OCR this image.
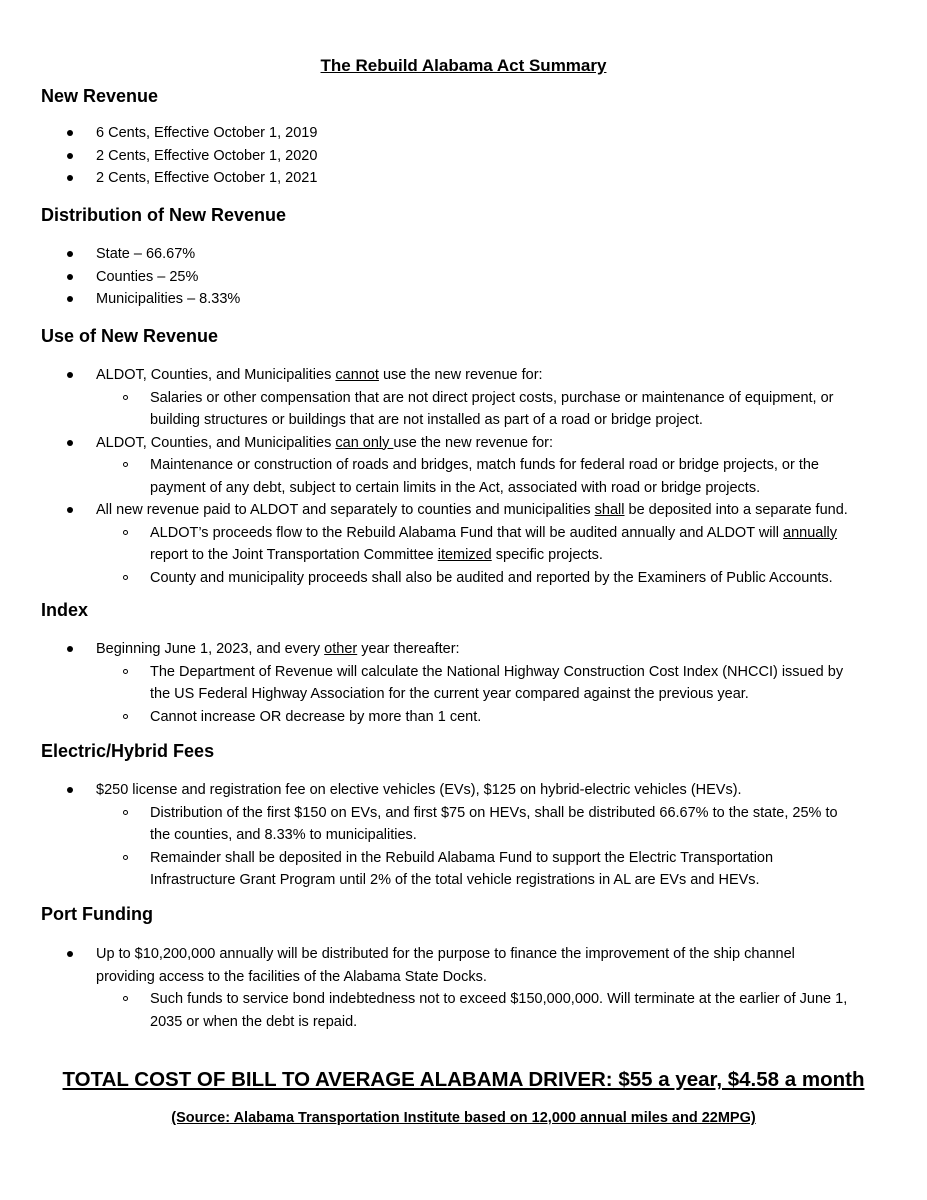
The Rebuild Alabama Act Summary
New Revenue
6 Cents, Effective October 1, 2019
2 Cents, Effective October 1, 2020
2 Cents, Effective October 1, 2021
Distribution of New Revenue
State – 66.67%
Counties – 25%
Municipalities – 8.33%
Use of New Revenue
ALDOT, Counties, and Municipalities cannot use the new revenue for:
Salaries or other compensation that are not direct project costs, purchase or maintenance of equipment, or
building structures or buildings that are not installed as part of a road or bridge project.
ALDOT, Counties, and Municipalities can only use the new revenue for:
Maintenance or construction of roads and bridges, match funds for federal road or bridge projects, or the
payment of any debt, subject to certain limits in the Act, associated with road or bridge projects.
All new revenue paid to ALDOT and separately to counties and municipalities shall be deposited into a separate fund.
ALDOT’s proceeds flow to the Rebuild Alabama Fund that will be audited annually and ALDOT will annually
report to the Joint Transportation Committee itemized specific projects.
County and municipality proceeds shall also be audited and reported by the Examiners of Public Accounts.
Index
Beginning June 1, 2023, and every other year thereafter:
The Department of Revenue will calculate the National Highway Construction Cost Index (NHCCI) issued by
the US Federal Highway Association for the current year compared against the previous year.
Cannot increase OR decrease by more than 1 cent.
Electric/Hybrid Fees
$250 license and registration fee on elective vehicles (EVs), $125 on hybrid-electric vehicles (HEVs).
Distribution of the first $150 on EVs, and first $75 on HEVs, shall be distributed 66.67% to the state, 25% to
the counties, and 8.33% to municipalities.
Remainder shall be deposited in the Rebuild Alabama Fund to support the Electric Transportation
Infrastructure Grant Program until 2% of the total vehicle registrations in AL are EVs and HEVs.
Port Funding
Up to $10,200,000 annually will be distributed for the purpose to finance the improvement of the ship channel
providing access to the facilities of the Alabama State Docks.
Such funds to service bond indebtedness not to exceed $150,000,000. Will terminate at the earlier of June 1,
2035 or when the debt is repaid.
TOTAL COST OF BILL TO AVERAGE ALABAMA DRIVER: $55 a year, $4.58 a month
(Source: Alabama Transportation Institute based on 12,000 annual miles and 22MPG)
